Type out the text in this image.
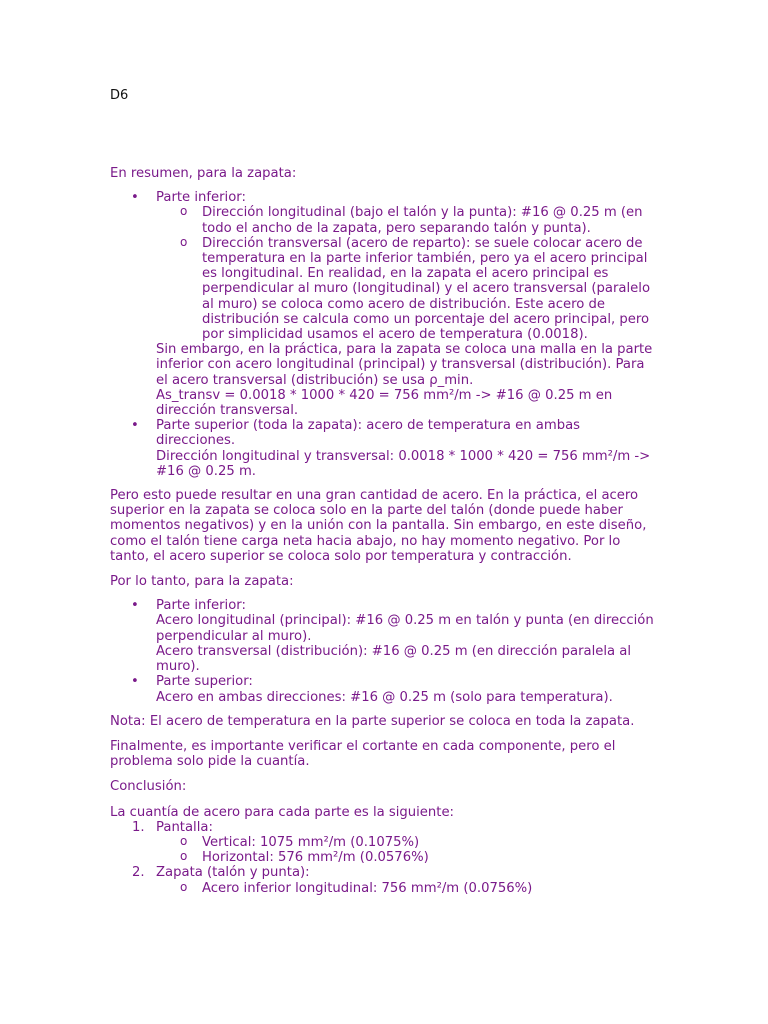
D6

En resumen, para la zapata:

• Parte inferior:
o Dirección longitudinal (bajo el talón y la punta): #16 @ 0.25 m (en todo el ancho de la zapata, pero separando talón y punta).
o Dirección transversal (acero de reparto): se suele colocar acero de temperatura en la parte inferior también, pero ya el acero principal es longitudinal. En realidad, en la zapata el acero principal es perpendicular al muro (longitudinal) y el acero transversal (paralelo al muro) se coloca como acero de distribución. Este acero de distribución se calcula como un porcentaje del acero principal, pero por simplicidad usamos el acero de temperatura (0.0018).
Sin embargo, en la práctica, para la zapata se coloca una malla en la parte inferior con acero longitudinal (principal) y transversal (distribución). Para el acero transversal (distribución) se usa ρ_min.
As_transv = 0.0018 * 1000 * 420 = 756 mm²/m -> #16 @ 0.25 m en dirección transversal.
• Parte superior (toda la zapata): acero de temperatura en ambas direcciones.
Dirección longitudinal y transversal: 0.0018 * 1000 * 420 = 756 mm²/m -> #16 @ 0.25 m.

Pero esto puede resultar en una gran cantidad de acero. En la práctica, el acero superior en la zapata se coloca solo en la parte del talón (donde puede haber momentos negativos) y en la unión con la pantalla. Sin embargo, en este diseño, como el talón tiene carga neta hacia abajo, no hay momento negativo. Por lo tanto, el acero superior se coloca solo por temperatura y contracción.

Por lo tanto, para la zapata:

• Parte inferior:
Acero longitudinal (principal): #16 @ 0.25 m en talón y punta (en dirección perpendicular al muro).
Acero transversal (distribución): #16 @ 0.25 m (en dirección paralela al muro).
• Parte superior:
Acero en ambas direcciones: #16 @ 0.25 m (solo para temperatura).

Nota: El acero de temperatura en la parte superior se coloca en toda la zapata.

Finalmente, es importante verificar el cortante en cada componente, pero el problema solo pide la cuantía.

Conclusión:

La cuantía de acero para cada parte es la siguiente:

1. Pantalla:
o Vertical: 1075 mm²/m (0.1075%)
o Horizontal: 576 mm²/m (0.0576%)
2. Zapata (talón y punta):
o Acero inferior longitudinal: 756 mm²/m (0.0756%)
